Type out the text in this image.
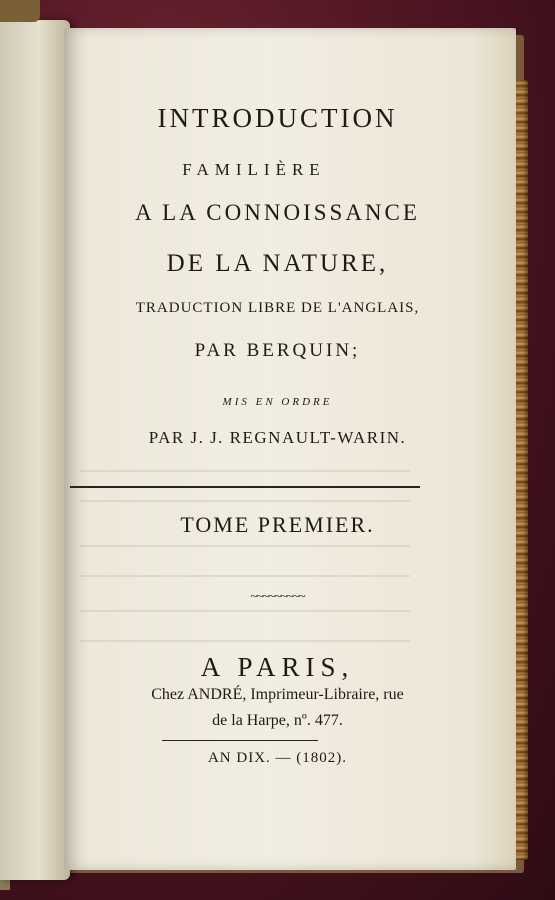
INTRODUCTION

FAMILIÈRE

A LA CONNOISSANCE

DE LA NATURE,

TRADUCTION LIBRE DE L'ANGLAIS,

PAR BERQUIN;

MIS EN ORDRE

PAR J. J. REGNAULT-WARIN.

TOME PREMIER.

~~~~~~~~~

A PARIS,

Chez ANDRÉ, Imprimeur-Libraire, rue

de la Harpe, nº. 477.

AN DIX. — (1802).
